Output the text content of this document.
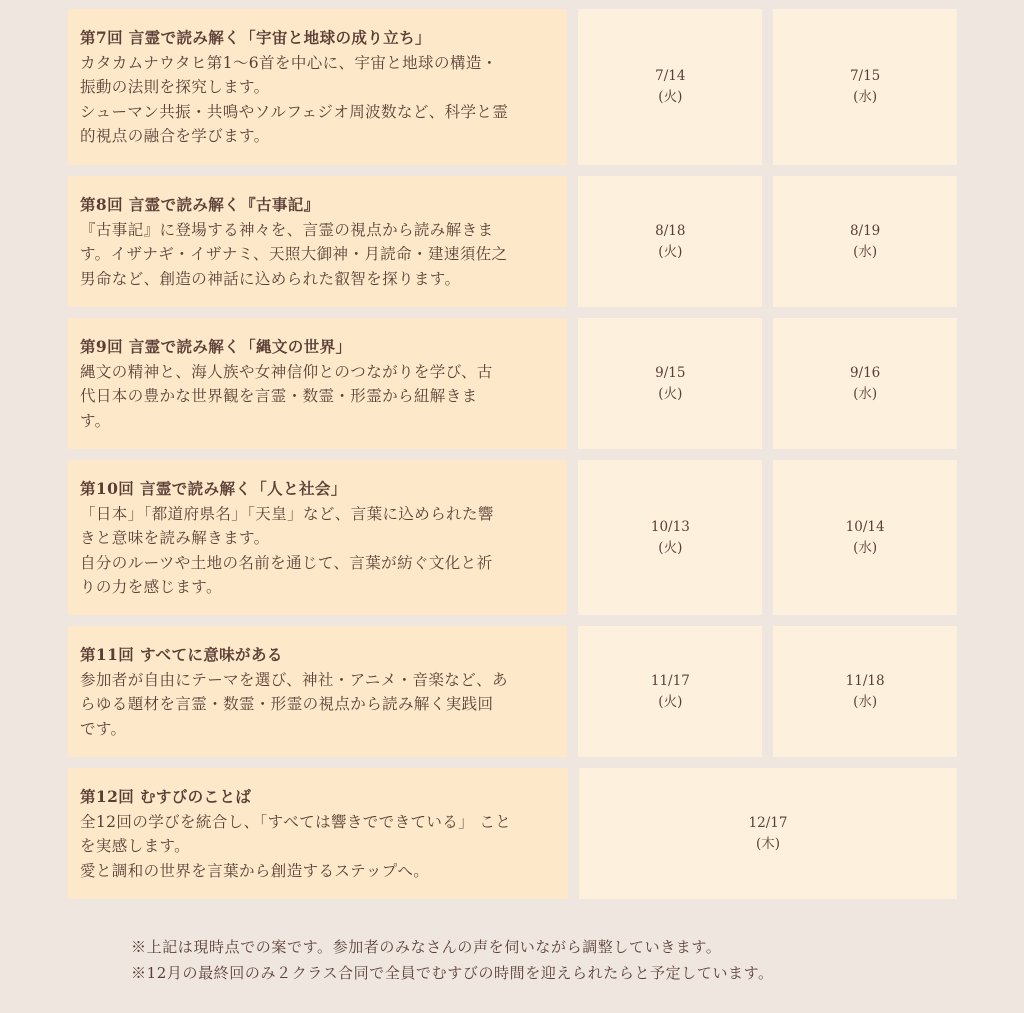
第7回 言霊で読み解く「宇宙と地球の成り立ち」
カタカムナウタヒ第1〜6首を中心に、宇宙と地球の構造・
振動の法則を探究します。
シューマン共振・共鳴やソルフェジオ周波数など、科学と霊
的視点の融合を学びます。
7/14
(火)
7/15
(水)
第8回 言霊で読み解く『古事記』
『古事記』に登場する神々を、言霊の視点から読み解きま
す。イザナギ・イザナミ、天照大御神・月読命・建速須佐之
男命など、創造の神話に込められた叡智を探ります。
8/18
(火)
8/19
(水)
第9回 言霊で読み解く「縄文の世界」
縄文の精神と、海人族や女神信仰とのつながりを学び、古
代日本の豊かな世界観を言霊・数霊・形霊から紐解きま
す。
9/15
(火)
9/16
(水)
第10回 言霊で読み解く「人と社会」
「日本」「都道府県名」「天皇」など、言葉に込められた響
きと意味を読み解きます。
自分のルーツや土地の名前を通じて、言葉が紡ぐ文化と祈
りの力を感じます。
10/13
(火)
10/14
(水)
第11回 すべてに意味がある
参加者が自由にテーマを選び、神社・アニメ・音楽など、あ
らゆる題材を言霊・数霊・形霊の視点から読み解く実践回
です。
11/17
(火)
11/18
(水)
第12回 むすびのことば
全12回の学びを統合し、「すべては響きでできている」 こと
を実感します。
愛と調和の世界を言葉から創造するステップへ。
12/17
(木)
※上記は現時点での案です。参加者のみなさんの声を伺いながら調整していきます。
※12月の最終回のみ２クラス合同で全員でむすびの時間を迎えられたらと予定しています。
